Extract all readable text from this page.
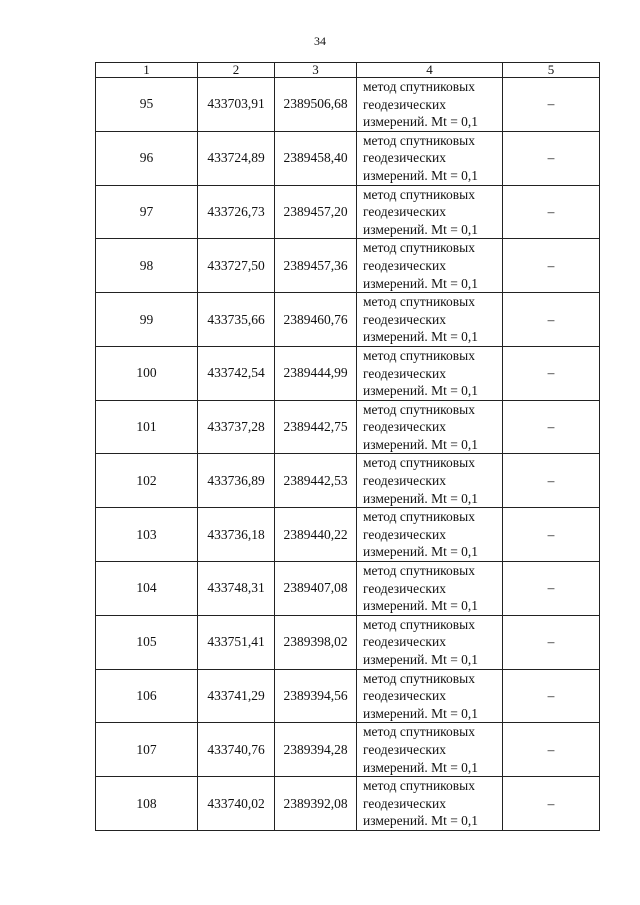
34
1	2	3	4	5
95	433703,91	2389506,68	метод спутниковых
геодезических
измерений. Mt = 0,1	–
96	433724,89	2389458,40	метод спутниковых
геодезических
измерений. Mt = 0,1	–
97	433726,73	2389457,20	метод спутниковых
геодезических
измерений. Mt = 0,1	–
98	433727,50	2389457,36	метод спутниковых
геодезических
измерений. Mt = 0,1	–
99	433735,66	2389460,76	метод спутниковых
геодезических
измерений. Mt = 0,1	–
100	433742,54	2389444,99	метод спутниковых
геодезических
измерений. Mt = 0,1	–
101	433737,28	2389442,75	метод спутниковых
геодезических
измерений. Mt = 0,1	–
102	433736,89	2389442,53	метод спутниковых
геодезических
измерений. Mt = 0,1	–
103	433736,18	2389440,22	метод спутниковых
геодезических
измерений. Mt = 0,1	–
104	433748,31	2389407,08	метод спутниковых
геодезических
измерений. Mt = 0,1	–
105	433751,41	2389398,02	метод спутниковых
геодезических
измерений. Mt = 0,1	–
106	433741,29	2389394,56	метод спутниковых
геодезических
измерений. Mt = 0,1	–
107	433740,76	2389394,28	метод спутниковых
геодезических
измерений. Mt = 0,1	–
108	433740,02	2389392,08	метод спутниковых
геодезических
измерений. Mt = 0,1	–
